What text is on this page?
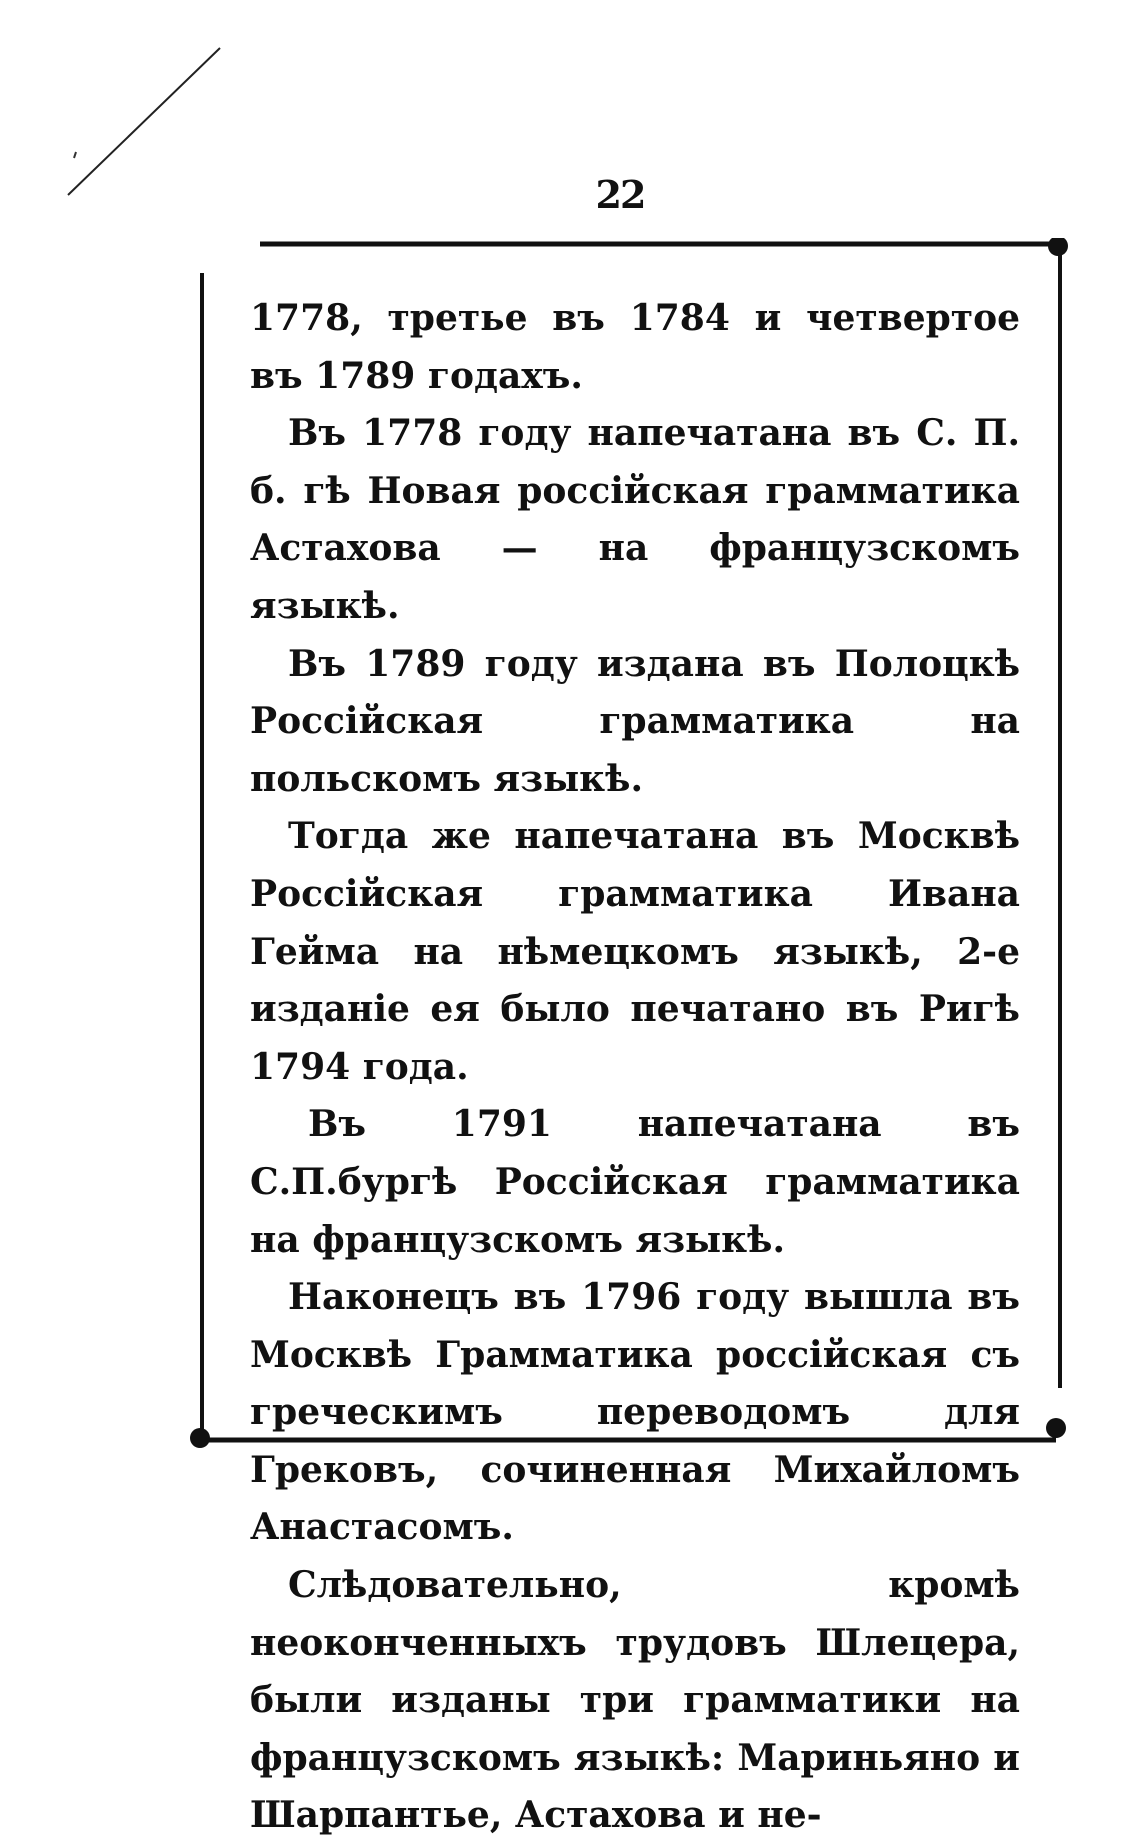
22

1778, третье въ 1784 и четвертое въ 1789 годахъ.

Въ 1778 году напечатана въ С. П. б. гѣ Новая россійская грамматика Астахова — на французскомъ языкѣ.

Въ 1789 году издана въ Полоцкѣ Россійская грамматика на польскомъ языкѣ.

Тогда же напечатана въ Москвѣ Россійская грамматика Ивана Гейма на нѣмецкомъ языкѣ, 2-е изданіе ея было печатано въ Ригѣ 1794 года.

Въ 1791 напечатана въ С.П.бургѣ Россійская грамматика на французскомъ языкѣ.

Наконецъ въ 1796 году вышла въ Москвѣ Грамматика россійская съ греческимъ переводомъ для Грековъ, сочиненная Михайломъ Анастасомъ.

Слѣдовательно, кромѣ неоконченныхъ трудовъ Шлецера, были изданы три грамматики на французскомъ языкѣ: Мариньяно и Шарпантье, Астахова и не-
